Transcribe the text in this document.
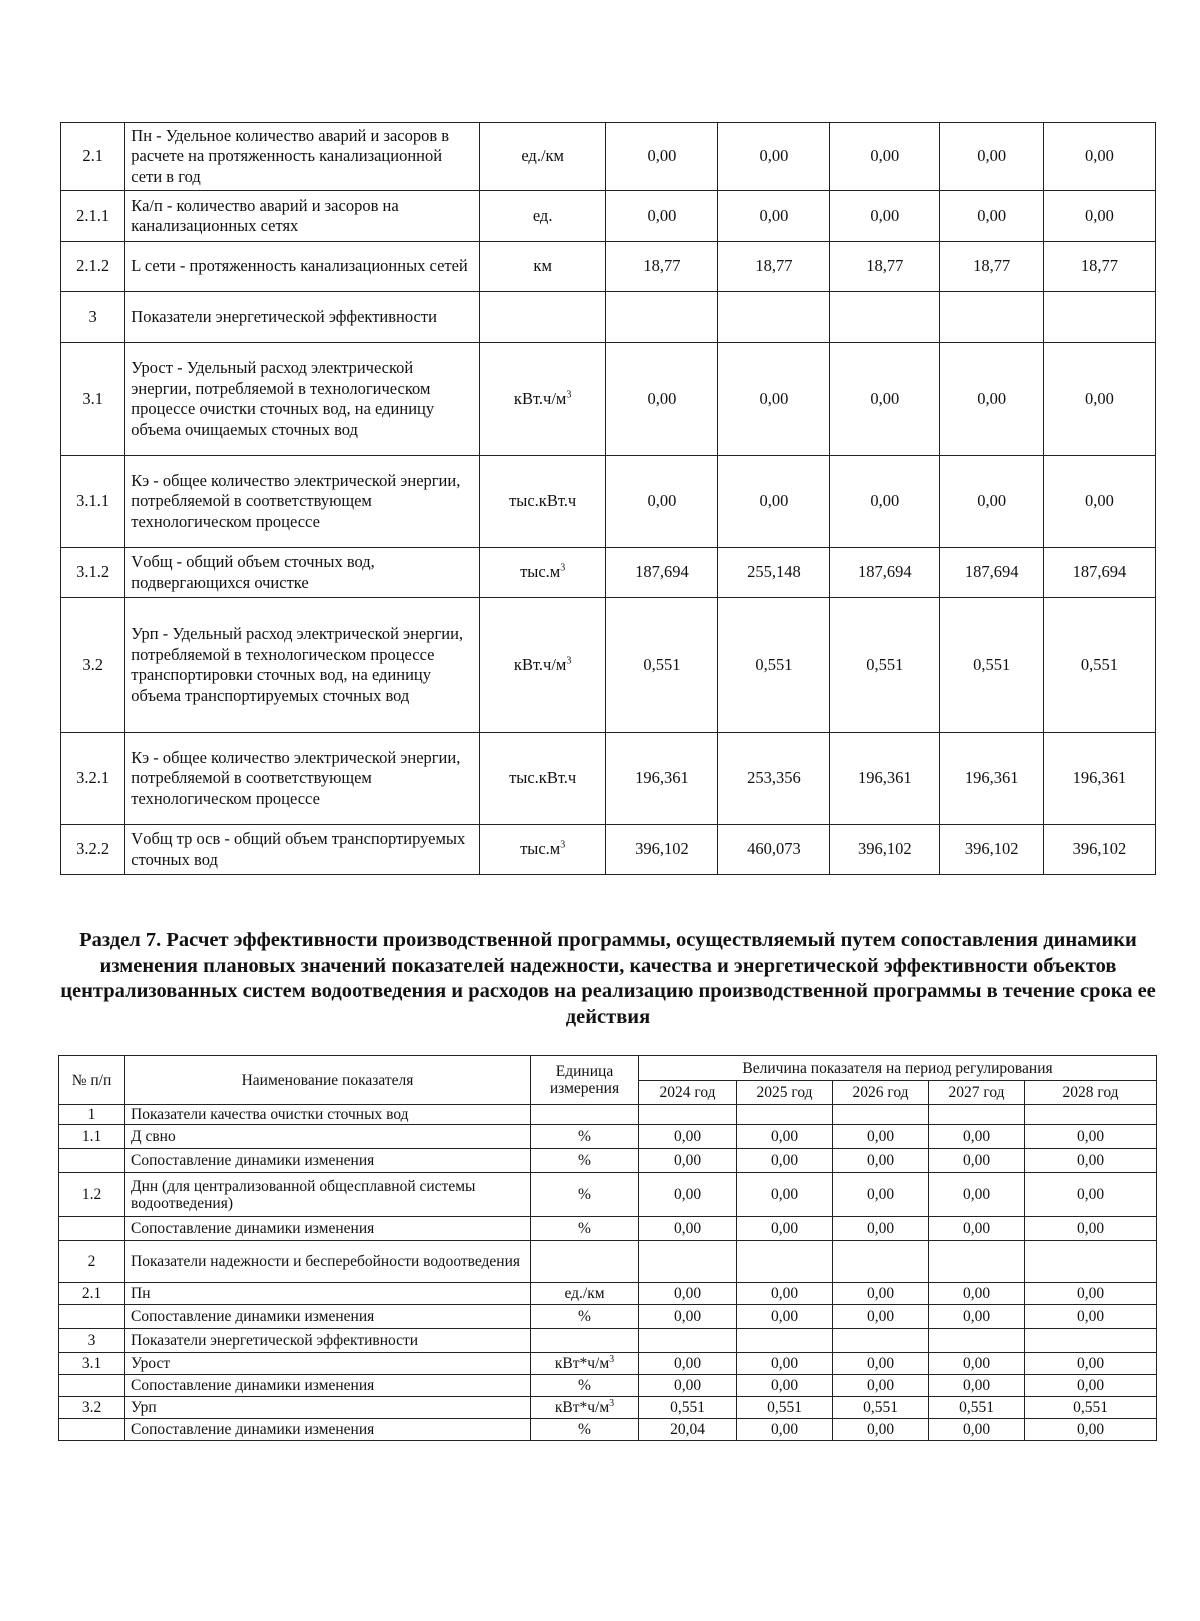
2.1	Пн - Удельное количество аварий и засоров в расчете на протяженность канализационной сети в год	ед./км	0,00	0,00	0,00	0,00	0,00
2.1.1	Ка/п - количество аварий и засоров на канализационных сетях	ед.	0,00	0,00	0,00	0,00	0,00
2.1.2	L сети - протяженность канализационных сетей	км	18,77	18,77	18,77	18,77	18,77
3	Показатели энергетической эффективности						
3.1	Урост - Удельный расход электрической энергии, потребляемой в технологическом процессе очистки сточных вод, на единицу объема очищаемых сточных вод	$кВт.ч/м^3$	0,00	0,00	0,00	0,00	0,00
3.1.1	Кэ - общее количество электрической энергии, потребляемой в соответствующем технологическом процессе	тыс.кВт.ч	0,00	0,00	0,00	0,00	0,00
3.1.2	Vобщ - общий объем сточных вод, подвергающихся очистке	$тыс.м^3$	187,694	255,148	187,694	187,694	187,694
3.2	Урп - Удельный расход электрической энергии, потребляемой в технологическом процессе транспортировки сточных вод, на единицу объема транспортируемых сточных вод	$кВт.ч/м^3$	0,551	0,551	0,551	0,551	0,551
3.2.1	Кэ - общее количество электрической энергии, потребляемой в соответствующем технологическом процессе	тыс.кВт.ч	196,361	253,356	196,361	196,361	196,361
3.2.2	Vобщ тр осв - общий объем транспортируемых сточных вод	$тыс.м^3$	396,102	460,073	396,102	396,102	396,102
Раздел 7. Расчет эффективности производственной программы, осуществляемый путем сопоставления динамики изменения плановых значений показателей надежности, качества и энергетической эффективности объектов централизованных систем водоотведения и расходов на реализацию производственной программы в течение срока ее действия
№ п/п	Наименование показателя	Единица измерения	Величина показателя на период регулирования				
			2024 год	2025 год	2026 год	2027 год	2028 год
1	Показатели качества очистки сточных вод						
1.1	Д свно	%	0,00	0,00	0,00	0,00	0,00
	Сопоставление динамики изменения	%	0,00	0,00	0,00	0,00	0,00
1.2	Днн (для централизованной общесплавной системы водоотведения)	%	0,00	0,00	0,00	0,00	0,00
	Сопоставление динамики изменения	%	0,00	0,00	0,00	0,00	0,00
2	Показатели надежности и бесперебойности водоотведения						
2.1	Пн	ед./км	0,00	0,00	0,00	0,00	0,00
	Сопоставление динамики изменения	%	0,00	0,00	0,00	0,00	0,00
3	Показатели энергетической эффективности						
3.1	Урост	$кВт*ч/м^3$	0,00	0,00	0,00	0,00	0,00
	Сопоставление динамики изменения	%	0,00	0,00	0,00	0,00	0,00
3.2	Урп	$кВт*ч/м^3$	0,551	0,551	0,551	0,551	0,551
	Сопоставление динамики изменения	%	20,04	0,00	0,00	0,00	0,00
